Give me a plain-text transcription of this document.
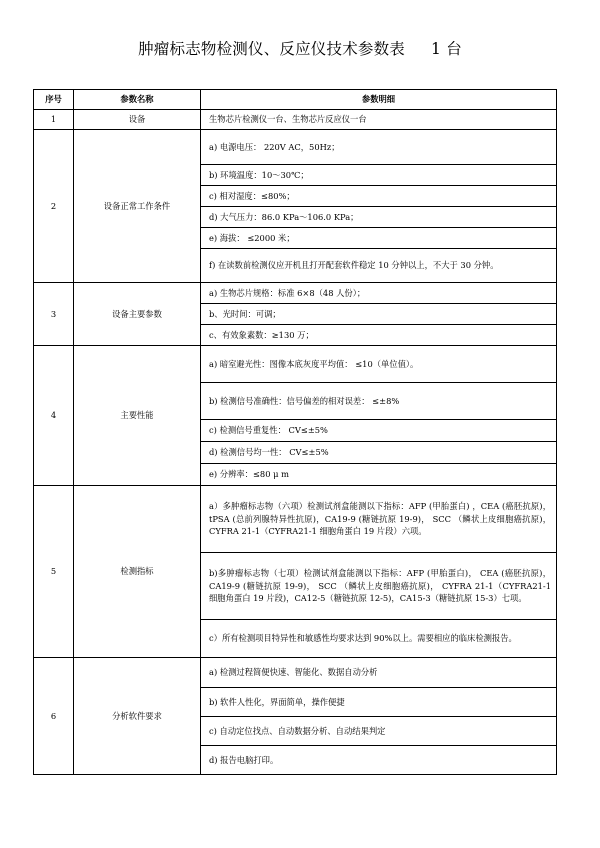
肿瘤标志物检测仪、反应仪技术参数表 1 台
序号	参数名称	参数明细
1	设备	生物芯片检测仪一台、生物芯片反应仪一台
2	设备正常工作条件	a) 电源电压： 220V AC，50Hz；
		b) 环境温度：10～30℃；
		c) 相对湿度：≤80%；
		d) 大气压力：86.0 KPa～106.0 KPa；
		e) 海拔： ≤2000 米；
		f) 在读数前检测仪应开机且打开配套软件稳定 10 分钟以上，不大于 30 分钟。
3	设备主要参数	a) 生物芯片规格：标准 6×8（48 人份）；
		b、光时间：可调；
		c、有效象素数：≥130 万；
4	主要性能	a) 暗室避光性：图像本底灰度平均值： ≤10（单位值）。
		b) 检测信号准确性：信号偏差的相对误差： ≤±8%
		c) 检测信号重复性： CV≤±5%
		d) 检测信号均一性： CV≤±5%
		e) 分辨率：≤80 μ m
5	检测指标	a）多肿瘤标志物（六项）检测试剂盒能测以下指标：AFP (甲胎蛋白) ，CEA (癌胚抗原)， tPSA (总前列腺特异性抗原)，CA19-9 (糖链抗原 19-9)， SCC （鳞状上皮细胞癌抗原)，CYFRA 21-1（CYFRA21-1 细胞角蛋白 19 片段）六项。
		b)多肿瘤标志物（七项）检测试剂盒能测以下指标：AFP (甲胎蛋白)， CEA (癌胚抗原)， CA19-9 (糖链抗原 19-9)， SCC （鳞状上皮细胞癌抗原)， CYFRA 21-1（CYFRA21-1 细胞角蛋白 19 片段)，CA12-5（糖链抗原 12-5)，CA15-3（糖链抗原 15-3）七项。
		c）所有检测项目特异性和敏感性均要求达到 90%以上。需要相应的临床检测报告。
6	分析软件要求	a) 检测过程简便快速、智能化、数据自动分析
		b) 软件人性化，界面简单，操作便捷
		c) 自动定位找点、自动数据分析、自动结果判定
		d) 报告电脑打印。
